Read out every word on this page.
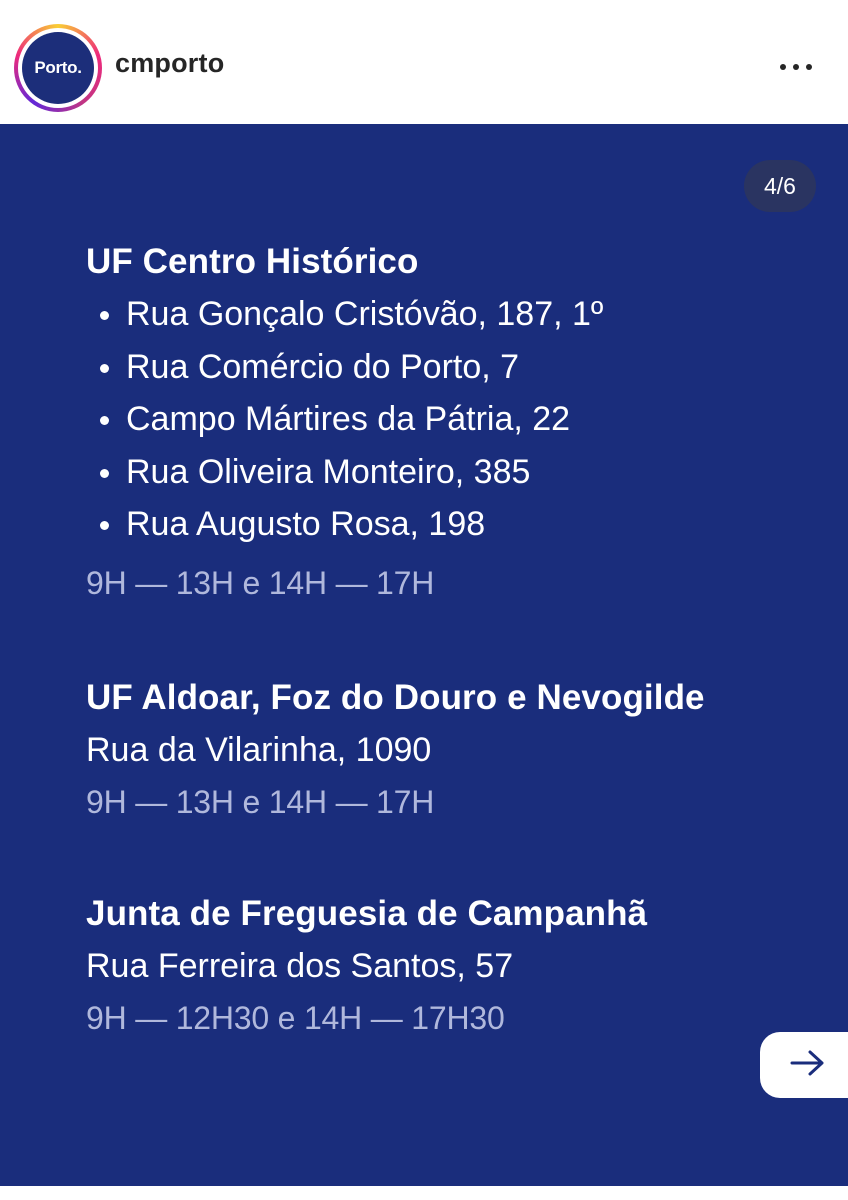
Porto. cmporto
4/6
UF Centro Histórico
Rua Gonçalo Cristóvão, 187, 1º
Rua Comércio do Porto, 7
Campo Mártires da Pátria, 22
Rua Oliveira Monteiro, 385
Rua Augusto Rosa, 198
9H — 13H e 14H — 17H
UF Aldoar, Foz do Douro e Nevogilde
Rua da Vilarinha, 1090
9H — 13H e 14H — 17H
Junta de Freguesia de Campanhã
Rua Ferreira dos Santos, 57
9H — 12H30 e 14H — 17H30
